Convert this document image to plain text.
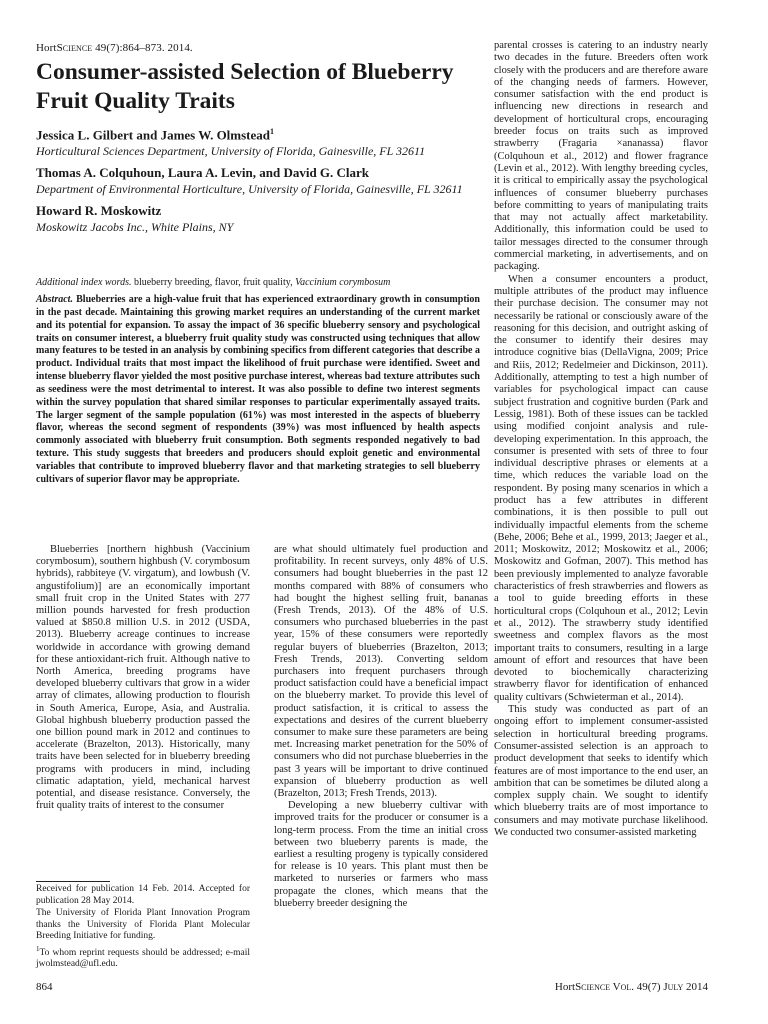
HortScience 49(7):864–873. 2014.
Consumer-assisted Selection of Blueberry Fruit Quality Traits

Jessica L. Gilbert and James W. Olmstead$^1$

Horticultural Sciences Department, University of Florida, Gainesville, FL 32611

Thomas A. Colquhoun, Laura A. Levin, and David G. Clark

Department of Environmental Horticulture, University of Florida, Gainesville, FL 32611

Howard R. Moskowitz

Moskowitz Jacobs Inc., White Plains, NY

Additional index words. blueberry breeding, flavor, fruit quality, Vaccinium corymbosum

Abstract. Blueberries are a high-value fruit that has experienced extraordinary growth in consumption in the past decade. Maintaining this growing market requires an understanding of the current market and its potential for expansion. To assay the impact of 36 specific blueberry sensory and psychological traits on consumer interest, a blueberry fruit quality study was constructed using techniques that allow many features to be tested in an analysis by combining specifics from different categories that describe a product. Individual traits that most impact the likelihood of fruit purchase were identified. Sweet and intense blueberry flavor yielded the most positive purchase interest, whereas bad texture attributes such as seediness were the most detrimental to interest. It was also possible to define two interest segments within the survey population that shared similar responses to particular experimentally assayed traits. The larger segment of the sample population (61%) was most interested in the aspects of blueberry flavor, whereas the second segment of respondents (39%) was most influenced by health aspects commonly associated with blueberry fruit consumption. Both segments responded negatively to bad texture. This study suggests that breeders and producers should exploit genetic and environmental variables that contribute to improved blueberry flavor and that marketing strategies to sell blueberry cultivars of superior flavor may be appropriate.

Blueberries [northern highbush (Vaccinium corymbosum), southern highbush (V. corymbosum hybrids), rabbiteye (V. virgatum), and lowbush (V. angustifolium)] are an economically important small fruit crop in the United States with 277 million pounds harvested for fresh production valued at $850.8 million U.S. in 2012 (USDA, 2013). Blueberry acreage continues to increase worldwide in accordance with growing demand for these antioxidant-rich fruit. Although native to North America, breeding programs have developed blueberry cultivars that grow in a wider array of climates, allowing production to flourish in South America, Europe, Asia, and Australia. Global highbush blueberry production passed the one billion pound mark in 2012 and continues to accelerate (Brazelton, 2013). Historically, many traits have been selected for in blueberry breeding programs with producers in mind, including climatic adaptation, yield, mechanical harvest potential, and disease resistance. Conversely, the fruit quality traits of interest to the consumer

are what should ultimately fuel production and profitability. In recent surveys, only 48% of U.S. consumers had bought blueberries in the past 12 months compared with 88% of consumers who had bought the highest selling fruit, bananas (Fresh Trends, 2013). Of the 48% of U.S. consumers who purchased blueberries in the past year, 15% of these consumers were reportedly regular buyers of blueberries (Brazelton, 2013; Fresh Trends, 2013). Converting seldom purchasers into frequent purchasers through product satisfaction could have a beneficial impact on the blueberry market. To provide this level of product satisfaction, it is critical to assess the expectations and desires of the current blueberry consumer to make sure these parameters are being met. Increasing market penetration for the 50% of consumers who did not purchase blueberries in the past 3 years will be important to drive continued expansion of blueberry production as well (Brazelton, 2013; Fresh Trends, 2013).

Developing a new blueberry cultivar with improved traits for the producer or consumer is a long-term process. From the time an initial cross between two blueberry parents is made, the earliest a resulting progeny is typically considered for release is 10 years. This plant must then be marketed to nurseries or farmers who mass propagate the clones, which means that the blueberry breeder designing the

parental crosses is catering to an industry nearly two decades in the future. Breeders often work closely with the producers and are therefore aware of the changing needs of farmers. However, consumer satisfaction with the end product is influencing new directions in research and development of horticultural crops, encouraging breeder focus on traits such as improved strawberry (Fragaria ×ananassa) flavor (Colquhoun et al., 2012) and flower fragrance (Levin et al., 2012). With lengthy breeding cycles, it is critical to empirically assay the psychological influences of consumer blueberry purchases before committing to years of manipulating traits that may not actually affect marketability. Additionally, this information could be used to tailor messages directed to the consumer through commercial marketing, in advertisements, and on packaging.

When a consumer encounters a product, multiple attributes of the product may influence their purchase decision. The consumer may not necessarily be rational or consciously aware of the reasoning for this decision, and outright asking of the consumer to identify their desires may introduce cognitive bias (DellaVigna, 2009; Price and Riis, 2012; Redelmeier and Dickinson, 2011). Additionally, attempting to test a high number of variables for psychological impact can cause subject frustration and cognitive burden (Park and Lessig, 1981). Both of these issues can be tackled using modified conjoint analysis and rule-developing experimentation. In this approach, the consumer is presented with sets of three to four individual descriptive phrases or elements at a time, which reduces the variable load on the respondent. By posing many scenarios in which a product has a few attributes in different combinations, it is then possible to pull out individually impactful elements from the scheme (Behe, 2006; Behe et al., 1999, 2013; Jaeger et al., 2011; Moskowitz, 2012; Moskowitz et al., 2006; Moskowitz and Gofman, 2007). This method has been previously implemented to analyze favorable characteristics of fresh strawberries and flowers as a tool to guide breeding efforts in these horticultural crops (Colquhoun et al., 2012; Levin et al., 2012). The strawberry study identified sweetness and complex flavors as the most important traits to consumers, resulting in a large amount of effort and resources that have been devoted to biochemically characterizing strawberry flavor for identification of enhanced quality cultivars (Schwieterman et al., 2014).

This study was conducted as part of an ongoing effort to implement consumer-assisted selection in horticultural breeding programs. Consumer-assisted selection is an approach to product development that seeks to identify which features are of most importance to the end user, an ambition that can be sometimes be diluted along a complex supply chain. We sought to identify which blueberry traits are of most importance to consumers and may motivate purchase likelihood. We conducted two consumer-assisted marketing

Received for publication 14 Feb. 2014. Accepted for publication 28 May 2014.

The University of Florida Plant Innovation Program thanks the University of Florida Plant Molecular Breeding Initiative for funding.

$^1$To whom reprint requests should be addressed; e-mail jwolmstead@ufl.edu.

864	HortScience Vol. 49(7) July 2014
